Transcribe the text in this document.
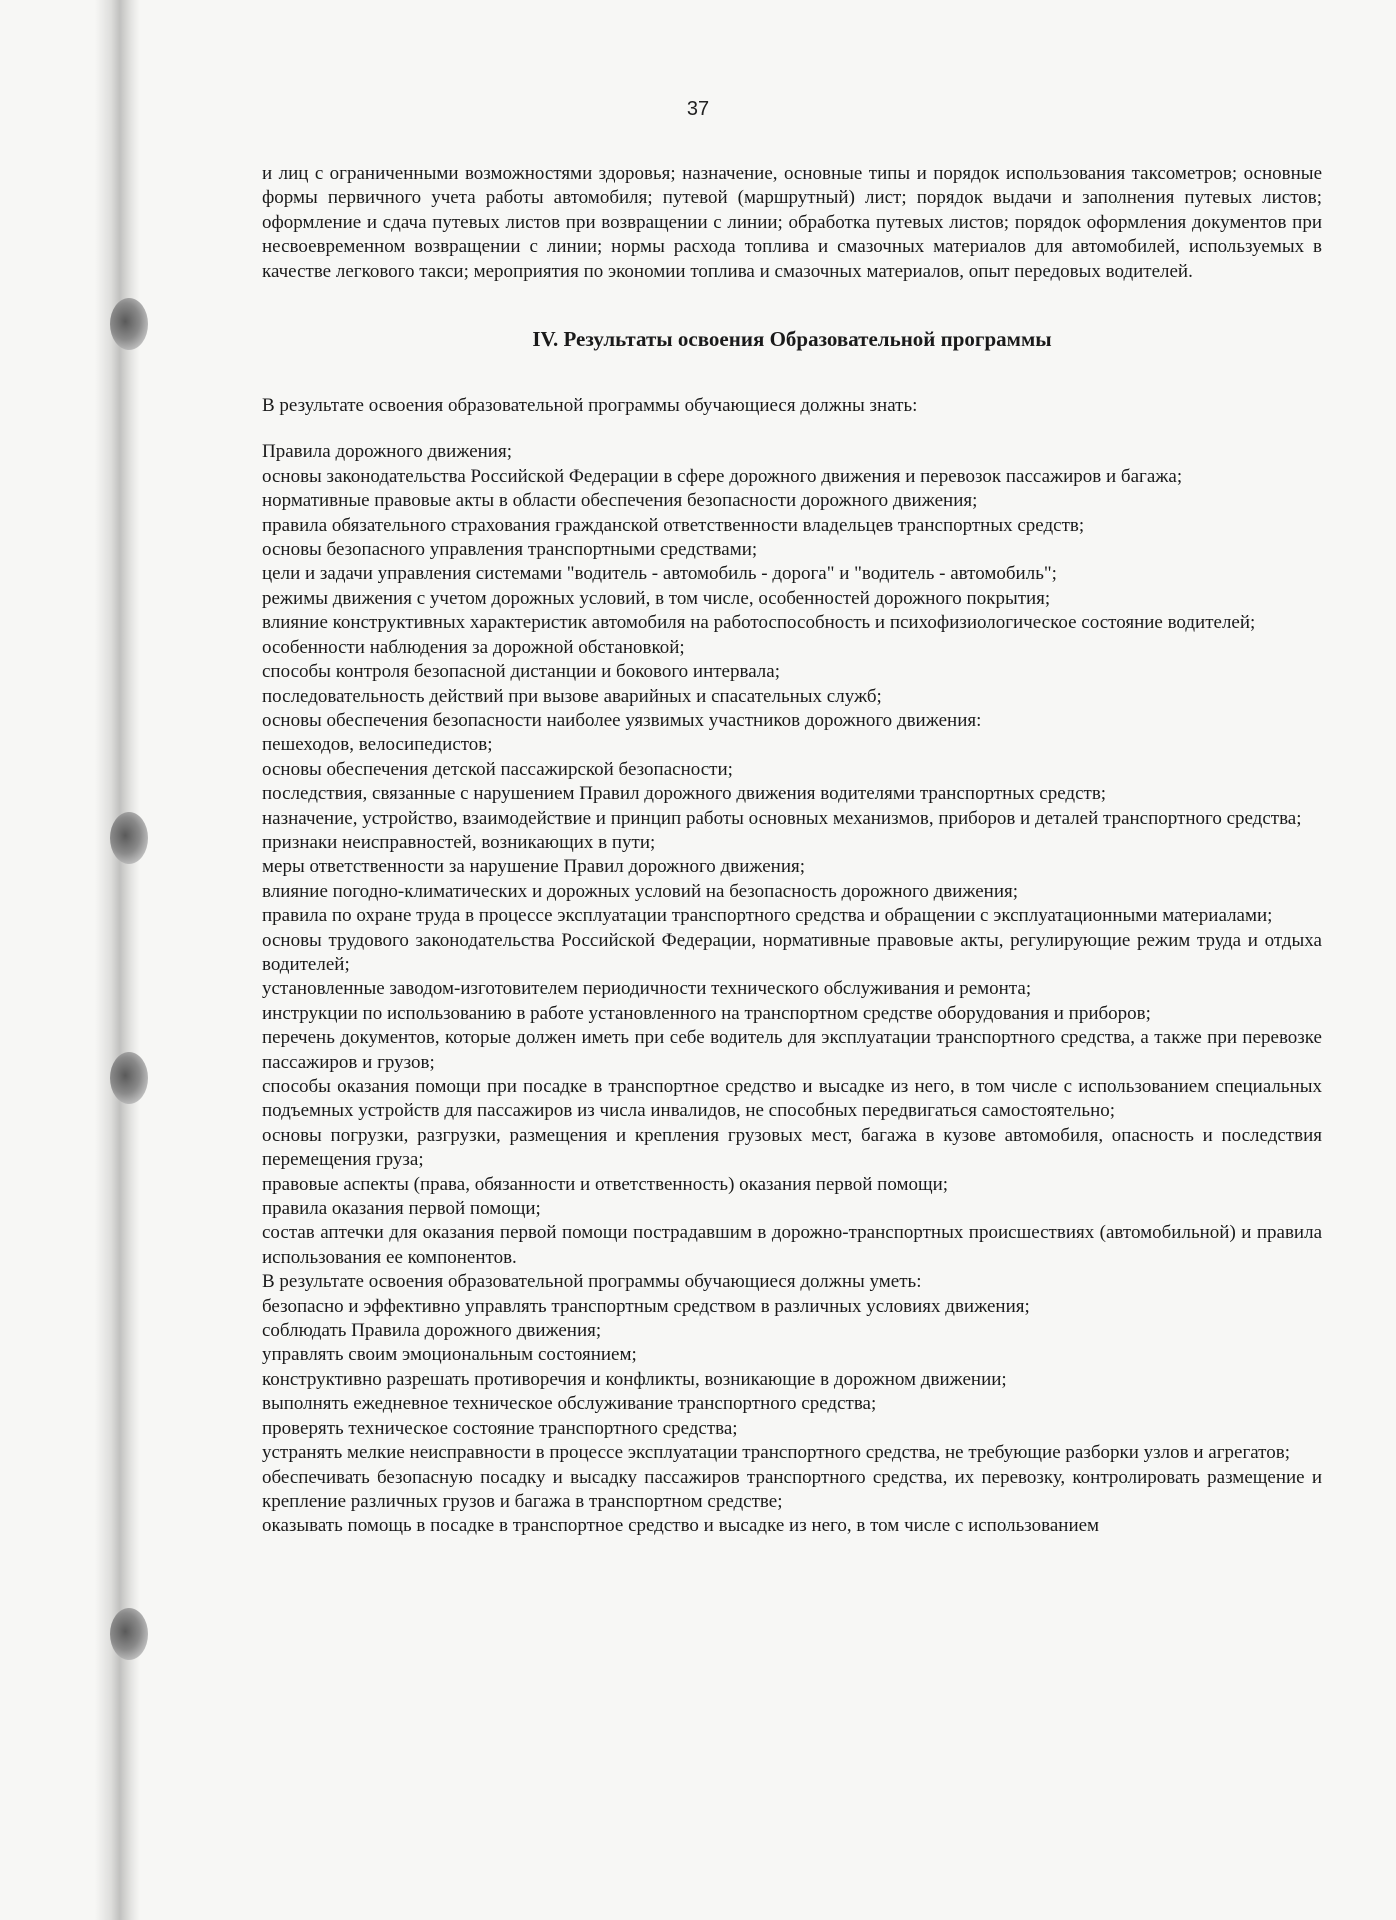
37

и лиц с ограниченными возможностями здоровья; назначение, основные типы и порядок использования таксометров; основные формы первичного учета работы автомобиля; путевой (маршрутный) лист; порядок выдачи и заполнения путевых листов; оформление и сдача путевых листов при возвращении с линии; обработка путевых листов; порядок оформления документов при несвоевременном возвращении с линии; нормы расхода топлива и смазочных материалов для автомобилей, используемых в качестве легкового такси; мероприятия по экономии топлива и смазочных материалов, опыт передовых водителей.

IV. Результаты освоения Образовательной программы

В результате освоения образовательной программы обучающиеся должны знать:

Правила дорожного движения;
основы законодательства Российской Федерации в сфере дорожного движения и перевозок пассажиров и багажа;
нормативные правовые акты в области обеспечения безопасности дорожного движения;
правила обязательного страхования гражданской ответственности владельцев транспортных средств;
основы безопасного управления транспортными средствами;
цели и задачи управления системами "водитель - автомобиль - дорога" и "водитель - автомобиль";
режимы движения с учетом дорожных условий, в том числе, особенностей дорожного покрытия;
влияние конструктивных характеристик автомобиля на работоспособность и психофизиологическое состояние водителей;
особенности наблюдения за дорожной обстановкой;
способы контроля безопасной дистанции и бокового интервала;
последовательность действий при вызове аварийных и спасательных служб;
основы обеспечения безопасности наиболее уязвимых участников дорожного движения:
пешеходов, велосипедистов;
основы обеспечения детской пассажирской безопасности;
последствия, связанные с нарушением Правил дорожного движения водителями транспортных средств;
назначение, устройство, взаимодействие и принцип работы основных механизмов, приборов и деталей транспортного средства;
признаки неисправностей, возникающих в пути;
меры ответственности за нарушение Правил дорожного движения;
влияние погодно-климатических и дорожных условий на безопасность дорожного движения;
правила по охране труда в процессе эксплуатации транспортного средства и обращении с эксплуатационными материалами;
основы трудового законодательства Российской Федерации, нормативные правовые акты, регулирующие режим труда и отдыха водителей;
установленные заводом-изготовителем периодичности технического обслуживания и ремонта;
инструкции по использованию в работе установленного на транспортном средстве оборудования и приборов;
перечень документов, которые должен иметь при себе водитель для эксплуатации транспортного средства, а также при перевозке пассажиров и грузов;
способы оказания помощи при посадке в транспортное средство и высадке из него, в том числе с использованием специальных подъемных устройств для пассажиров из числа инвалидов, не способных передвигаться самостоятельно;
основы погрузки, разгрузки, размещения и крепления грузовых мест, багажа в кузове автомобиля, опасность и последствия перемещения груза;
правовые аспекты (права, обязанности и ответственность) оказания первой помощи;
правила оказания первой помощи;
состав аптечки для оказания первой помощи пострадавшим в дорожно-транспортных происшествиях (автомобильной) и правила использования ее компонентов.

В результате освоения образовательной программы обучающиеся должны уметь:

безопасно и эффективно управлять транспортным средством в различных условиях движения;
соблюдать Правила дорожного движения;
управлять своим эмоциональным состоянием;
конструктивно разрешать противоречия и конфликты, возникающие в дорожном движении;
выполнять ежедневное техническое обслуживание транспортного средства;
проверять техническое состояние транспортного средства;
устранять мелкие неисправности в процессе эксплуатации транспортного средства, не требующие разборки узлов и агрегатов;
обеспечивать безопасную посадку и высадку пассажиров транспортного средства, их перевозку, контролировать размещение и крепление различных грузов и багажа в транспортном средстве;
оказывать помощь в посадке в транспортное средство и высадке из него, в том числе с использованием
